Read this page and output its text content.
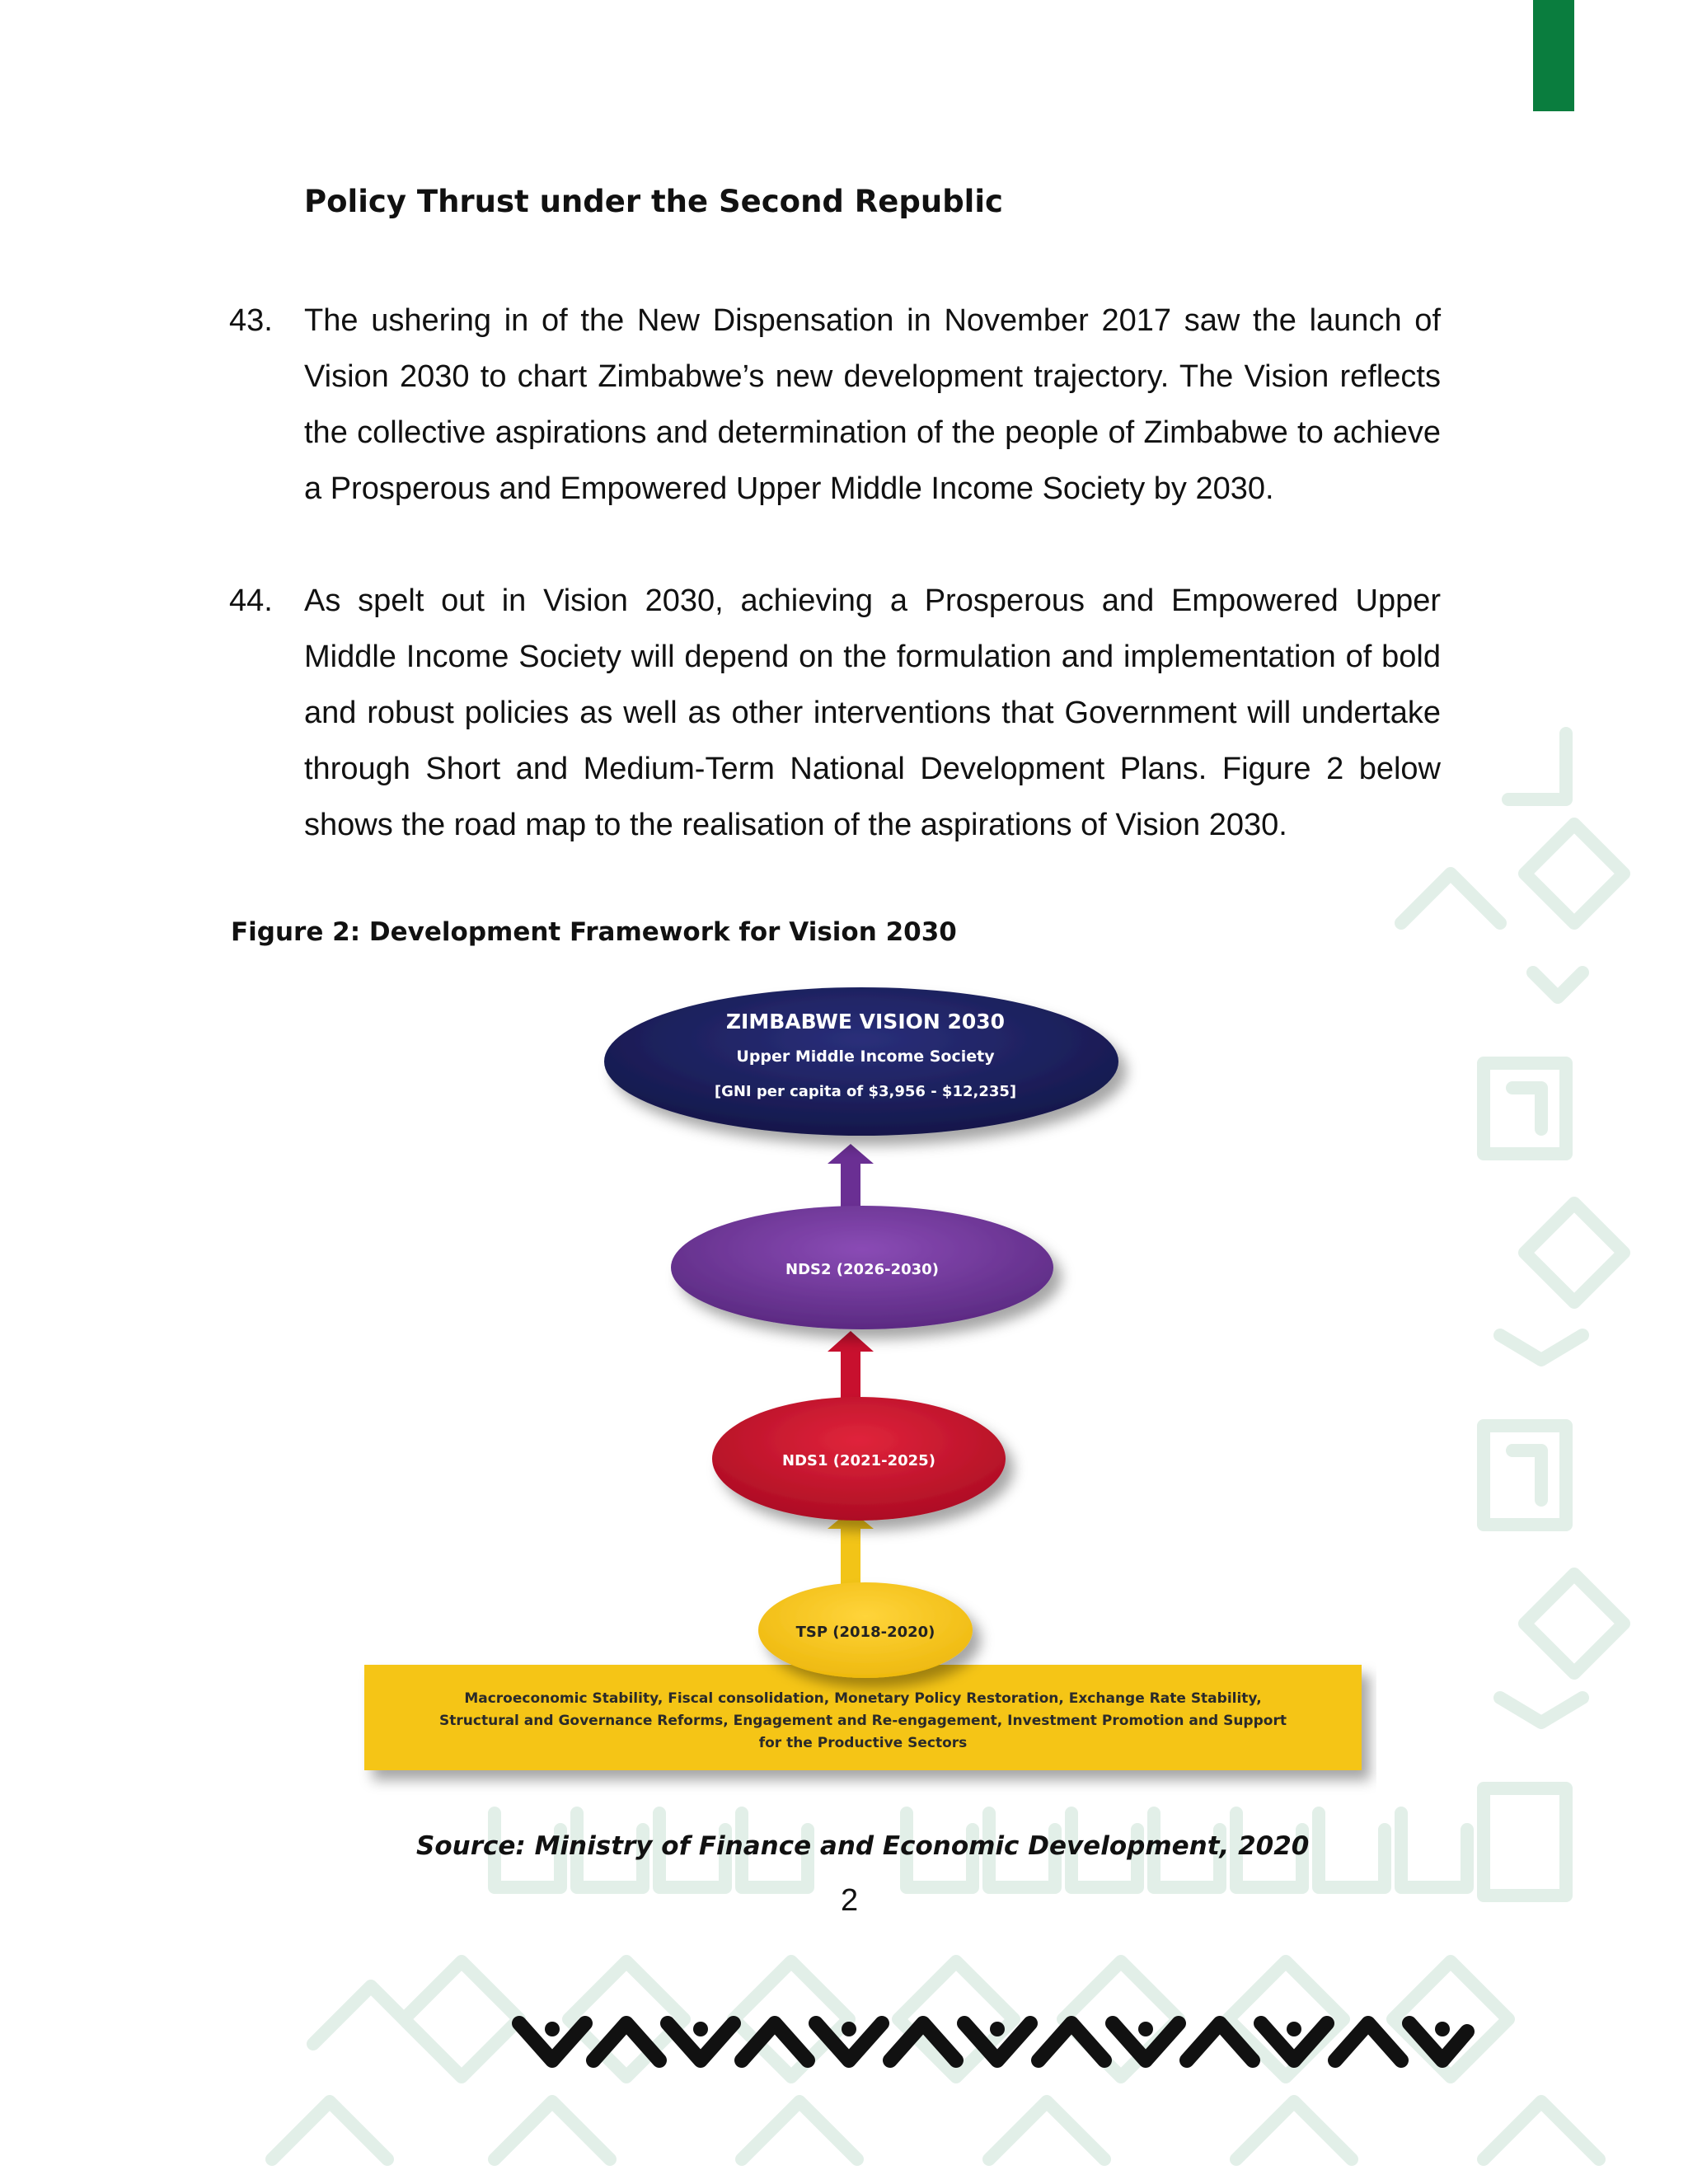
Policy Thrust under the Second Republic
43.	The ushering in of the New Dispensation in November 2017 saw the launch of Vision 2030 to chart Zimbabwe’s new development trajectory. The Vision reflects the collective aspirations and determination of the people of Zimbabwe to achieve a Prosperous and Empowered Upper Middle Income Society by 2030.
44.	As spelt out in Vision 2030, achieving a Prosperous and Empowered Upper Middle Income Society will depend on the formulation and implementation of bold and robust policies as well as other interventions that Government will undertake through Short and Medium-Term National Development Plans. Figure 2 below shows the road map to the realisation of the aspirations of Vision 2030.
Figure 2: Development Framework for Vision 2030
ZIMBABWE VISION 2030
Upper Middle Income Society
[GNI per capita of $3,956 - $12,235]
NDS2 (2026-2030)
NDS1 (2021-2025)
TSP (2018-2020)
Macroeconomic Stability, Fiscal consolidation, Monetary Policy Restoration, Exchange Rate Stability,
Structural and Governance Reforms, Engagement and Re-engagement, Investment Promotion and Support
for the Productive Sectors
Source: Ministry of Finance and Economic Development, 2020
2
